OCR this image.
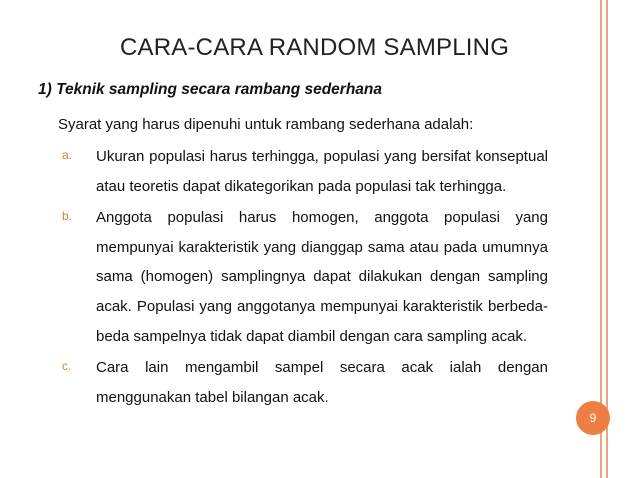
CARA-CARA RANDOM SAMPLING
1) Teknik sampling secara rambang sederhana
Syarat yang harus dipenuhi untuk rambang sederhana adalah:
a. Ukuran populasi harus terhingga, populasi yang bersifat konseptual atau teoretis dapat dikategorikan pada populasi tak terhingga.
b. Anggota populasi harus homogen, anggota populasi yang mempunyai karakteristik yang dianggap sama atau pada umumnya sama (homogen) samplingnya dapat dilakukan dengan sampling acak. Populasi yang anggotanya mempunyai karakteristik berbeda-beda sampelnya tidak dapat diambil dengan cara sampling acak.
c. Cara lain mengambil sampel secara acak ialah dengan menggunakan tabel bilangan acak.
9
